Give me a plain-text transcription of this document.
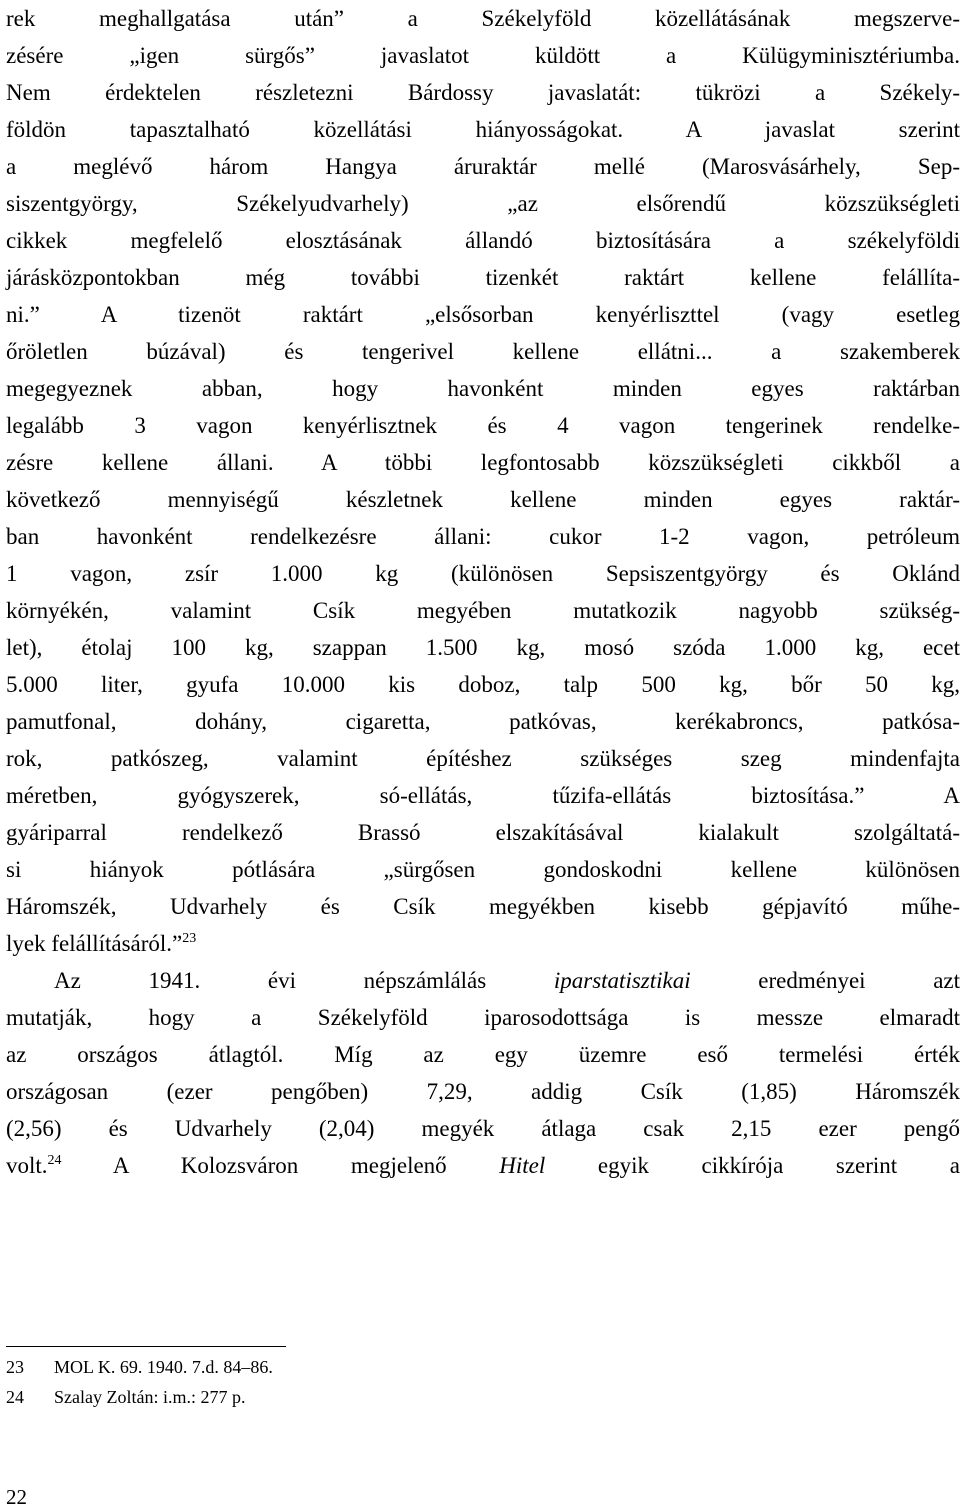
rek meghallgatása után” a Székelyföld közellátásának megszerve-
zésére „igen sürgős” javaslatot küldött a Külügyminisztériumba.
Nem érdektelen részletezni Bárdossy javaslatát: tükrözi a Székely-
földön tapasztalható közellátási hiányosságokat. A javaslat szerint
a meglévő három Hangya áruraktár mellé (Marosvásárhely, Sep-
siszentgyörgy, Székelyudvarhely) „az elsőrendű közszükségleti
cikkek megfelelő elosztásának állandó biztosítására a székelyföldi
járásközpontokban még további tizenkét raktárt kellene felállíta-
ni.” A tizenöt raktárt „elsősorban kenyérliszttel (vagy esetleg
őröletlen búzával) és tengerivel kellene ellátni... a szakemberek
megegyeznek abban, hogy havonként minden egyes raktárban
legalább 3 vagon kenyérlisztnek és 4 vagon tengerinek rendelke-
zésre kellene állani. A többi legfontosabb közszükségleti cikkből a
következő mennyiségű készletnek kellene minden egyes raktár-
ban havonként rendelkezésre állani: cukor 1-2 vagon, petróleum
1 vagon, zsír 1.000 kg (különösen Sepsiszentgyörgy és Oklánd
környékén, valamint Csík megyében mutatkozik nagyobb szükség-
let), étolaj 100 kg, szappan 1.500 kg, mosó szóda 1.000 kg, ecet
5.000 liter, gyufa 10.000 kis doboz, talp 500 kg, bőr 50 kg,
pamutfonal, dohány, cigaretta, patkóvas, kerékabroncs, patkósa-
rok, patkószeg, valamint építéshez szükséges szeg mindenfajta
méretben, gyógyszerek, só-ellátás, tűzifa-ellátás biztosítása.” A
gyáriparral rendelkező Brassó elszakításával kialakult szolgáltatá-
si hiányok pótlására „sürgősen gondoskodni kellene különösen
Háromszék, Udvarhely és Csík megyékben kisebb gépjavító műhe-
lyek felállításáról.”$^{23}$
Az 1941. évi népszámlálás iparstatisztikai eredményei azt
mutatják, hogy a Székelyföld iparosodottsága is messze elmaradt
az országos átlagtól. Míg az egy üzemre eső termelési érték
országosan (ezer pengőben) 7,29, addig Csík (1,85) Háromszék
(2,56) és Udvarhely (2,04) megyék átlaga csak 2,15 ezer pengő
volt.$^{24}$ A Kolozsváron megjelenő Hitel egyik cikkírója szerint a
23 MOL K. 69. 1940. 7.d. 84–86.
24 Szalay Zoltán: i.m.: 277 p.
22
